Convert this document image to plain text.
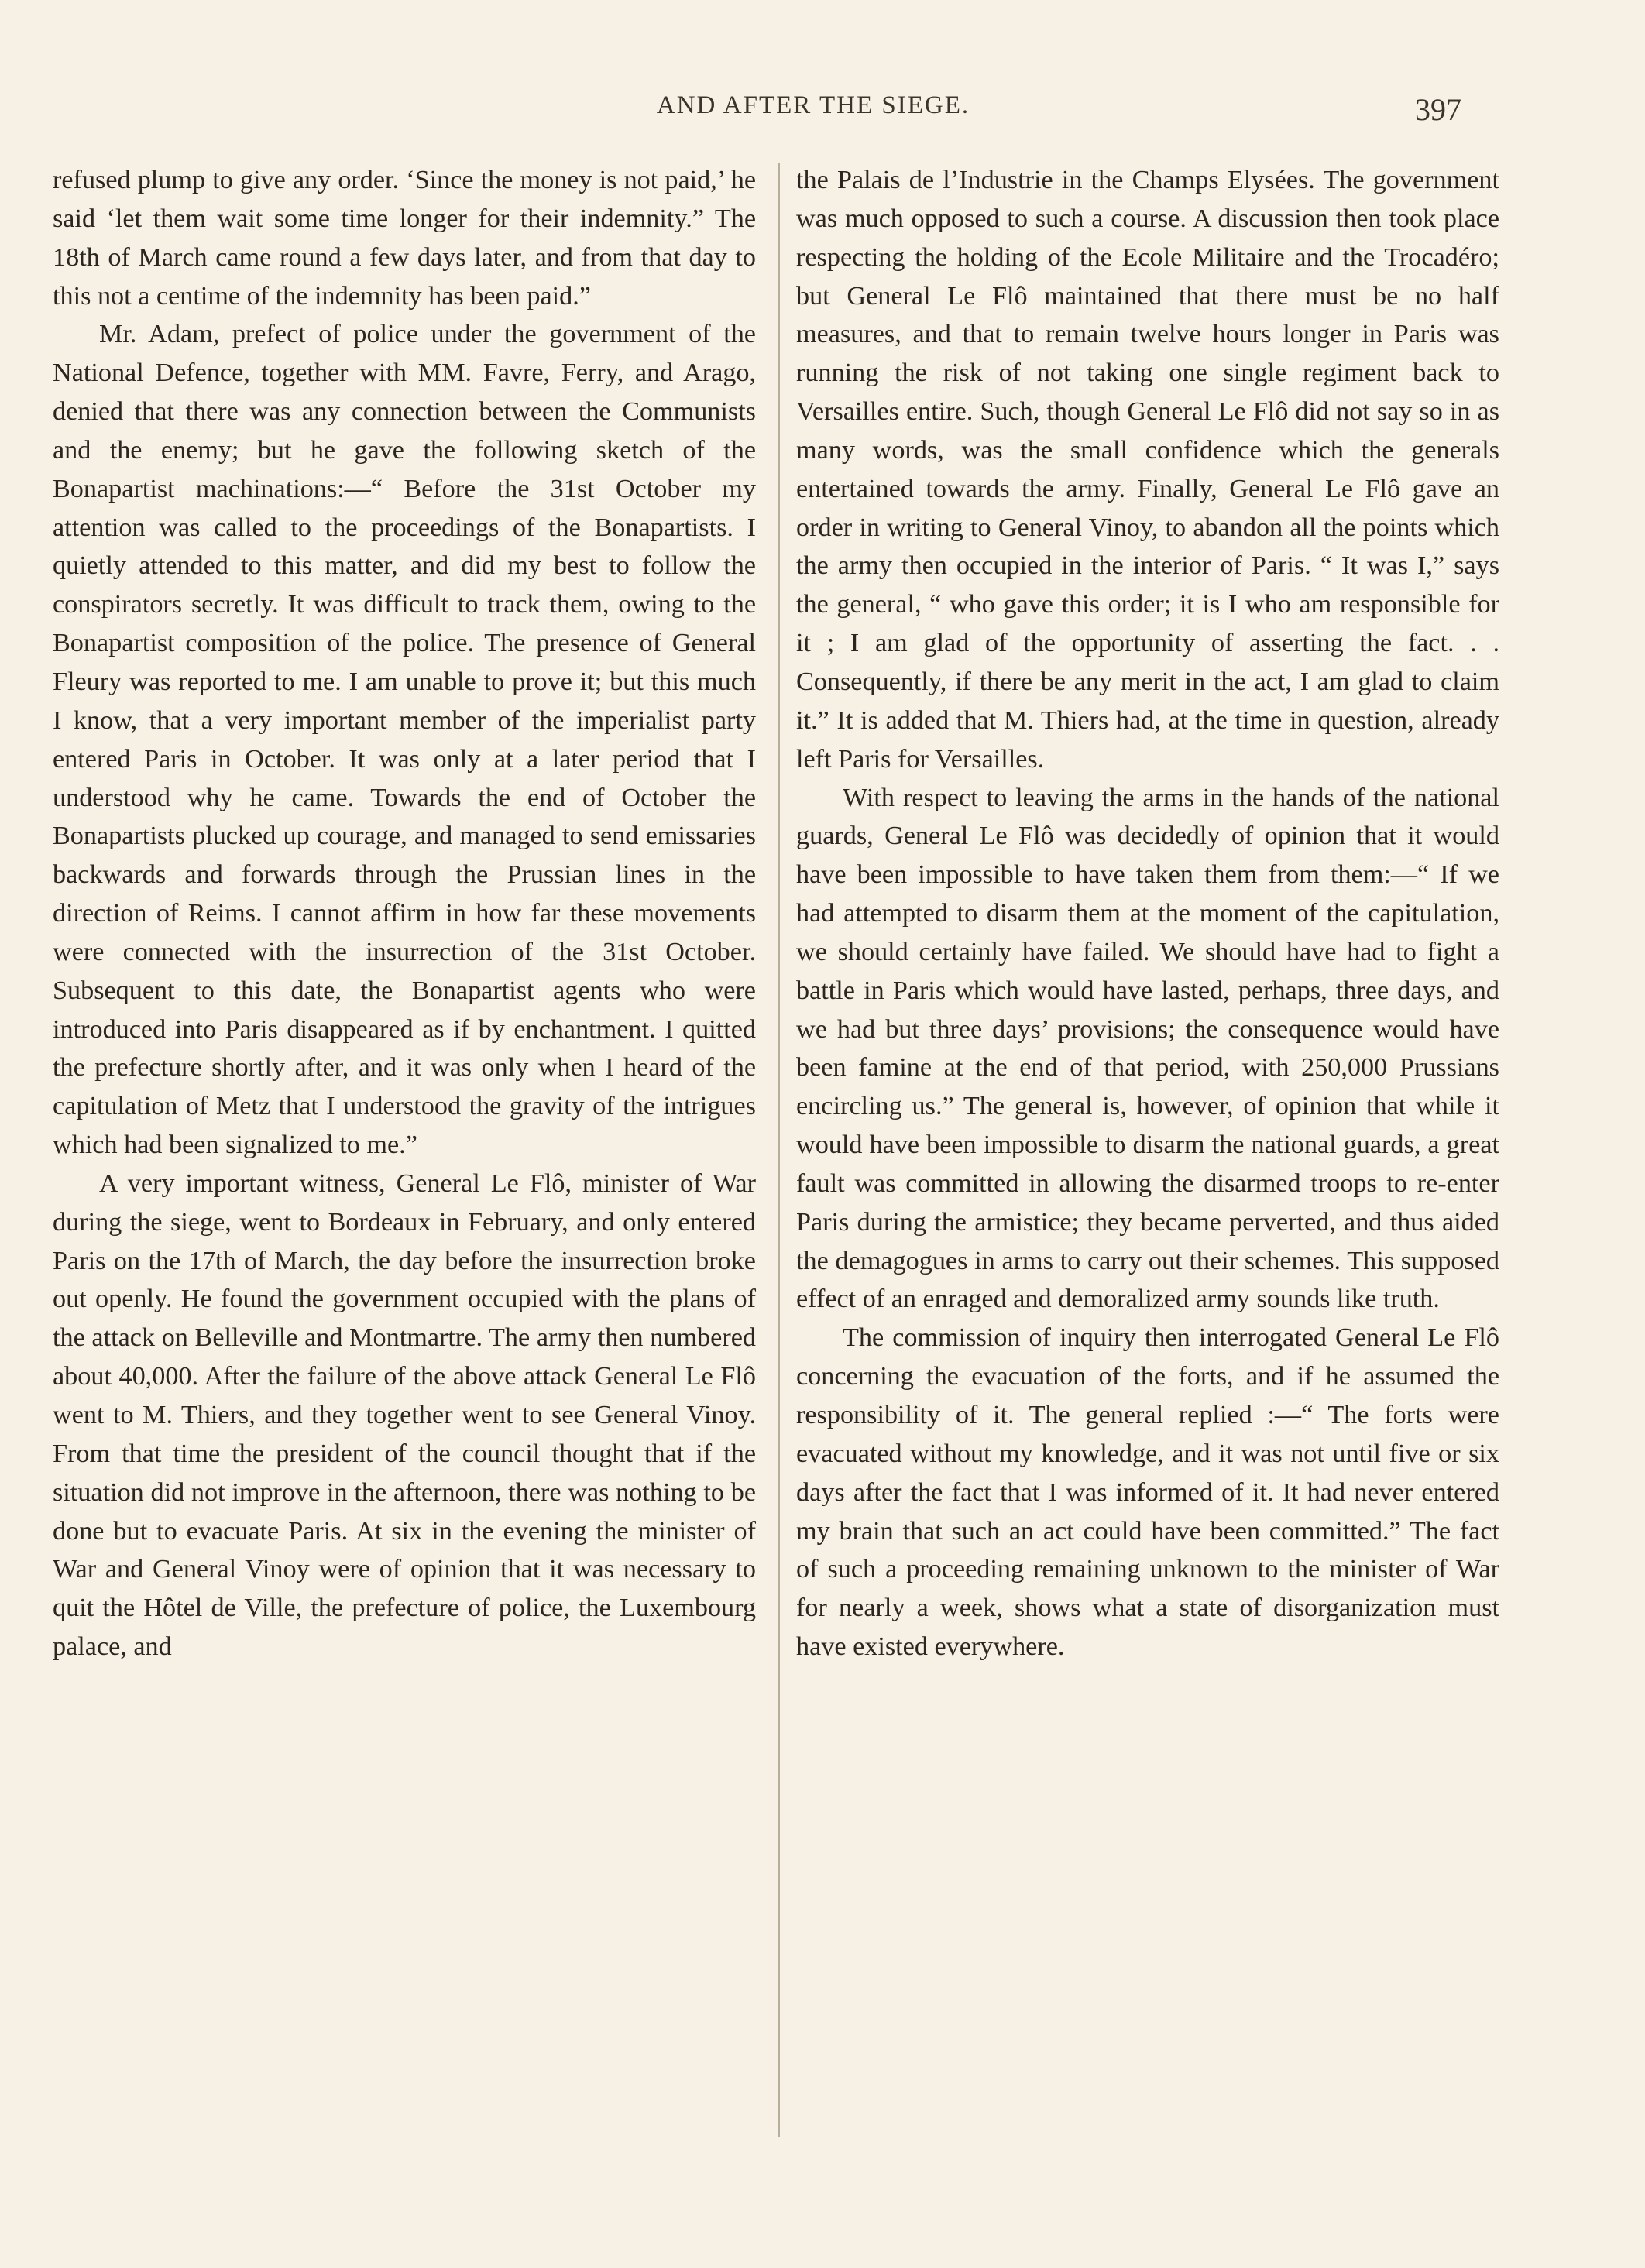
AND AFTER THE SIEGE.	397

refused plump to give any order. ‘Since the money is not paid,’ he said ‘let them wait some time longer for their indemnity.” The 18th of March came round a few days later, and from that day to this not a centime of the indemnity has been paid.”

Mr. Adam, prefect of police under the government of the National Defence, together with MM. Favre, Ferry, and Arago, denied that there was any connection between the Communists and the enemy; but he gave the following sketch of the Bonapartist machinations:—“ Before the 31st October my attention was called to the proceedings of the Bonapartists. I quietly attended to this matter, and did my best to follow the conspirators secretly. It was difficult to track them, owing to the Bonapartist composition of the police. The presence of General Fleury was reported to me. I am unable to prove it; but this much I know, that a very important member of the imperialist party entered Paris in October. It was only at a later period that I understood why he came. Towards the end of October the Bonapartists plucked up courage, and managed to send emissaries backwards and forwards through the Prussian lines in the direction of Reims. I cannot affirm in how far these movements were connected with the insurrection of the 31st October. Subsequent to this date, the Bonapartist agents who were introduced into Paris disappeared as if by enchantment. I quitted the prefecture shortly after, and it was only when I heard of the capitulation of Metz that I understood the gravity of the intrigues which had been signalized to me.”

A very important witness, General Le Flô, minister of War during the siege, went to Bordeaux in February, and only entered Paris on the 17th of March, the day before the insurrection broke out openly. He found the government occupied with the plans of the attack on Belleville and Montmartre. The army then numbered about 40,000. After the failure of the above attack General Le Flô went to M. Thiers, and they together went to see General Vinoy. From that time the president of the council thought that if the situation did not improve in the afternoon, there was nothing to be done but to evacuate Paris. At six in the evening the minister of War and General Vinoy were of opinion that it was necessary to quit the Hôtel de Ville, the prefecture of police, the Luxembourg palace, and

the Palais de l’Industrie in the Champs Elysées. The government was much opposed to such a course. A discussion then took place respecting the holding of the Ecole Militaire and the Trocadéro; but General Le Flô maintained that there must be no half measures, and that to remain twelve hours longer in Paris was running the risk of not taking one single regiment back to Versailles entire. Such, though General Le Flô did not say so in as many words, was the small confidence which the generals entertained towards the army. Finally, General Le Flô gave an order in writing to General Vinoy, to abandon all the points which the army then occupied in the interior of Paris. “ It was I,” says the general, “ who gave this order; it is I who am responsible for it ; I am glad of the opportunity of asserting the fact. . . Consequently, if there be any merit in the act, I am glad to claim it.” It is added that M. Thiers had, at the time in question, already left Paris for Versailles.

With respect to leaving the arms in the hands of the national guards, General Le Flô was decidedly of opinion that it would have been impossible to have taken them from them:—“ If we had attempted to disarm them at the moment of the capitulation, we should certainly have failed. We should have had to fight a battle in Paris which would have lasted, perhaps, three days, and we had but three days’ provisions; the consequence would have been famine at the end of that period, with 250,000 Prussians encircling us.” The general is, however, of opinion that while it would have been impossible to disarm the national guards, a great fault was committed in allowing the disarmed troops to re-enter Paris during the armistice; they became perverted, and thus aided the demagogues in arms to carry out their schemes. This supposed effect of an enraged and demoralized army sounds like truth.

The commission of inquiry then interrogated General Le Flô concerning the evacuation of the forts, and if he assumed the responsibility of it. The general replied :—“ The forts were evacuated without my knowledge, and it was not until five or six days after the fact that I was informed of it. It had never entered my brain that such an act could have been committed.” The fact of such a proceeding remaining unknown to the minister of War for nearly a week, shows what a state of disorganization must have existed everywhere.
